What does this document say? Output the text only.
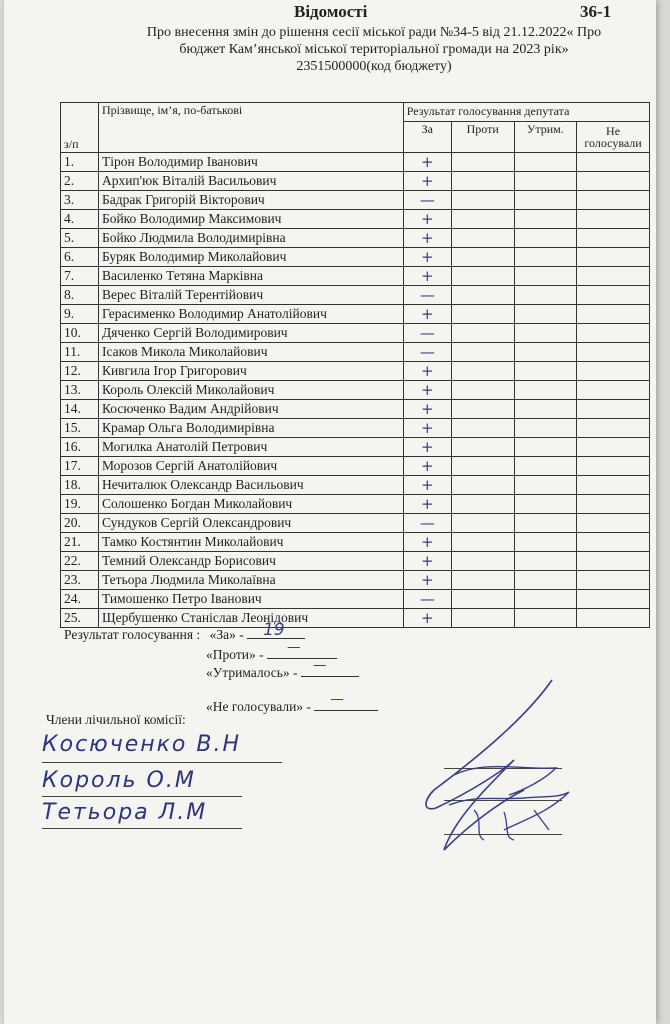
Відомості	36-1
Про внесення змін до рішення сесії міської ради №34-5 від 21.12.2022« Про
бюджет Кам’янської міської територіальної громади на 2023 рік»
2351500000(код бюджету)
з/п	Прізвище, ім’я, по-батькові	Результат голосування депутата			
		За	Проти	Утрим.	Не голосували
1.	Тірон Володимир Іванович	+			
2.	Архип'юк Віталій Васильович	+			
3.	Бадрак Григорій Вікторович	—			
4.	Бойко Володимир Максимович	+			
5.	Бойко Людмила Володимирівна	+			
6.	Буряк Володимир Миколайович	+			
7.	Василенко Тетяна Марківна	+			
8.	Верес Віталій Терентійович	—			
9.	Герасименко Володимир Анатолійович	+			
10.	Дяченко Сергій Володимирович	—			
11.	Ісаков Микола Миколайович	—			
12.	Кивгила Ігор Григорович	+			
13.	Король Олексій Миколайович	+			
14.	Косюченко Вадим Андрійович	+			
15.	Крамар Ольга Володимирівна	+			
16.	Могилка Анатолій Петрович	+			
17.	Морозов Сергій Анатолійович	+			
18.	Нечиталюк Олександр Васильович	+			
19.	Солошенко Богдан Миколайович	+			
20.	Сундуков Сергій Олександрович	—			
21.	Тамко Костянтин Миколайович	+			
22.	Темний Олександр Борисович	+			
23.	Тетьора Людмила Миколаївна	+			
24.	Тимошенко Петро Іванович	—			
25.	Щербушенко Станіслав Леонідович	+			
Результат голосування : «За» - 19
«Проти» - —
«Утрималось» - —
«Не голосували» - —
Члени лічильної комісії:
Косюченко В.Н
Король О.М
Тетьора Л.М
